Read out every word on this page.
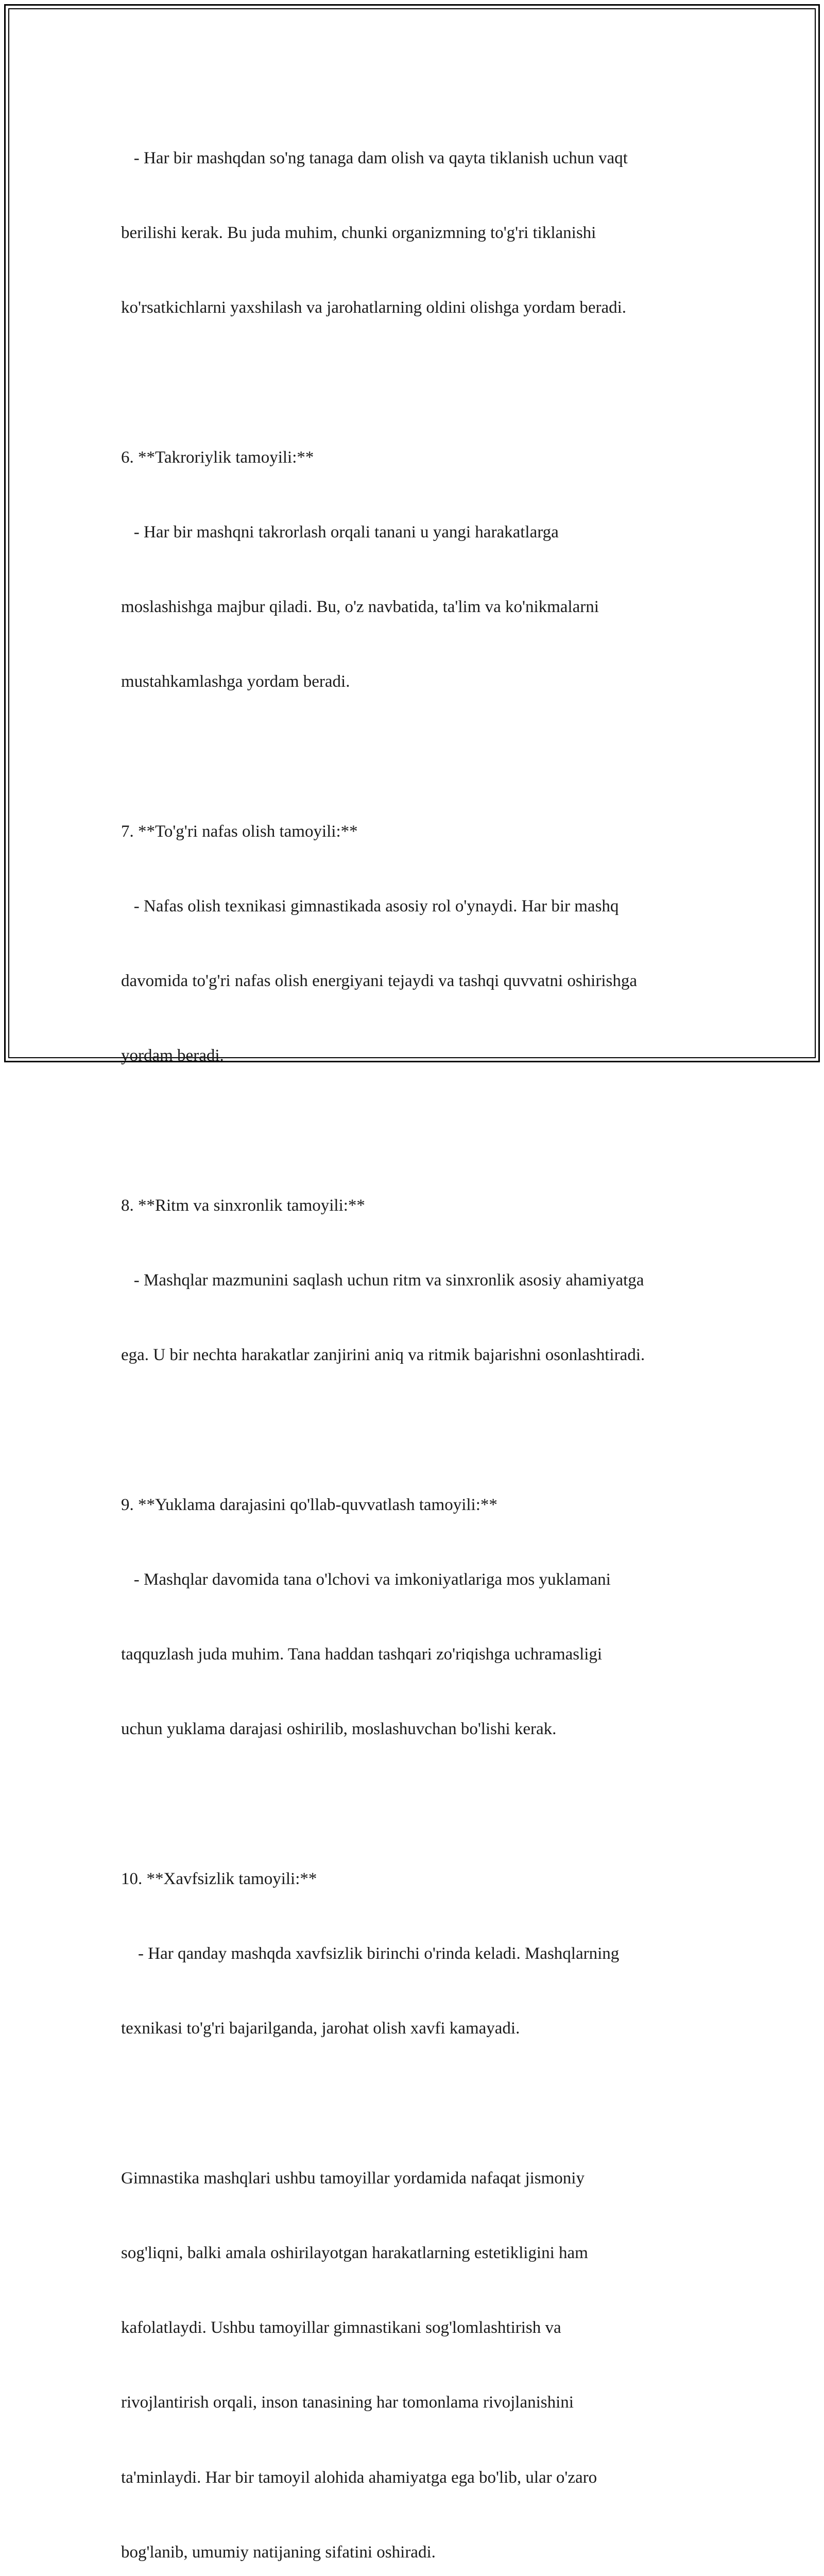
- Har bir mashqdan so'ng tanaga dam olish va qayta tiklanish uchun vaqt

berilishi kerak. Bu juda muhim, chunki organizmning to'g'ri tiklanishi

ko'rsatkichlarni yaxshilash va jarohatlarning oldini olishga yordam beradi.

6. **Takroriylik tamoyili:**

- Har bir mashqni takrorlash orqali tanani u yangi harakatlarga

moslashishga majbur qiladi. Bu, o'z navbatida, ta'lim va ko'nikmalarni

mustahkamlashga yordam beradi.

7. **To'g'ri nafas olish tamoyili:**

- Nafas olish texnikasi gimnastikada asosiy rol o'ynaydi. Har bir mashq

davomida to'g'ri nafas olish energiyani tejaydi va tashqi quvvatni oshirishga

yordam beradi.

8. **Ritm va sinxronlik tamoyili:**

- Mashqlar mazmunini saqlash uchun ritm va sinxronlik asosiy ahamiyatga

ega. U bir nechta harakatlar zanjirini aniq va ritmik bajarishni osonlashtiradi.

9. **Yuklama darajasini qo'llab-quvvatlash tamoyili:**

- Mashqlar davomida tana o'lchovi va imkoniyatlariga mos yuklamani

taqquzlash juda muhim. Tana haddan tashqari zo'riqishga uchramasligi

uchun yuklama darajasi oshirilib, moslashuvchan bo'lishi kerak.

10. **Xavfsizlik tamoyili:**

- Har qanday mashqda xavfsizlik birinchi o'rinda keladi. Mashqlarning

texnikasi to'g'ri bajarilganda, jarohat olish xavfi kamayadi.

Gimnastika mashqlari ushbu tamoyillar yordamida nafaqat jismoniy

sog'liqni, balki amala oshirilayotgan harakatlarning estetikligini ham

kafolatlaydi. Ushbu tamoyillar gimnastikani sog'lomlashtirish va

rivojlantirish orqali, inson tanasining har tomonlama rivojlanishini

ta'minlaydi. Har bir tamoyil alohida ahamiyatga ega bo'lib, ular o'zaro

bog'lanib, umumiy natijaning sifatini oshiradi.
